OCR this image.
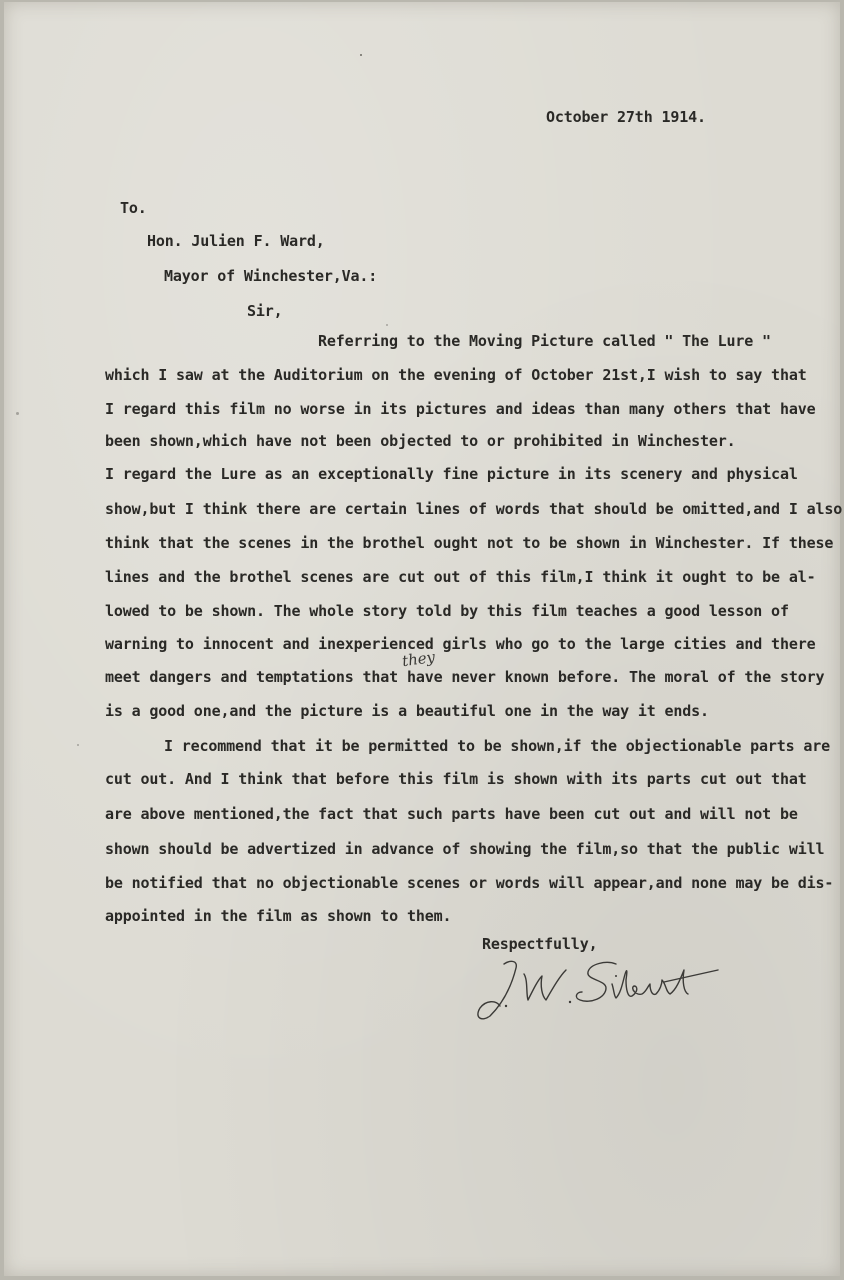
October 27th 1914.
To.
Hon. Julien F. Ward,
Mayor of Winchester,Va.:
Sir,
Referring to the Moving Picture called " The Lure "
which I saw at the Auditorium on the evening of October 21st,I wish to say that
I regard this film no worse in its pictures and ideas than many others that have
been shown,which have not been objected to or prohibited in Winchester.
I regard the Lure as an exceptionally fine picture in its scenery and physical
show,but I think there are certain lines of words that should be omitted,and I also
think that the scenes in the brothel ought not to be shown in Winchester. If these
lines and the brothel scenes are cut out of this film,I think it ought to be al-
lowed to be shown. The whole story told by this film teaches a good lesson of
warning to innocent and inexperienced girls who go to the large cities and there
meet dangers and temptations that have never known before. The moral of the story
is a good one,and the picture is a beautiful one in the way it ends.
they
I recommend that it be permitted to be shown,if the objectionable parts are
cut out. And I think that before this film is shown with its parts cut out that
are above mentioned,the fact that such parts have been cut out and will not be
shown should be advertized in advance of showing the film,so that the public will
be notified that no objectionable scenes or words will appear,and none may be dis-
appointed in the film as shown to them.
Respectfully,
